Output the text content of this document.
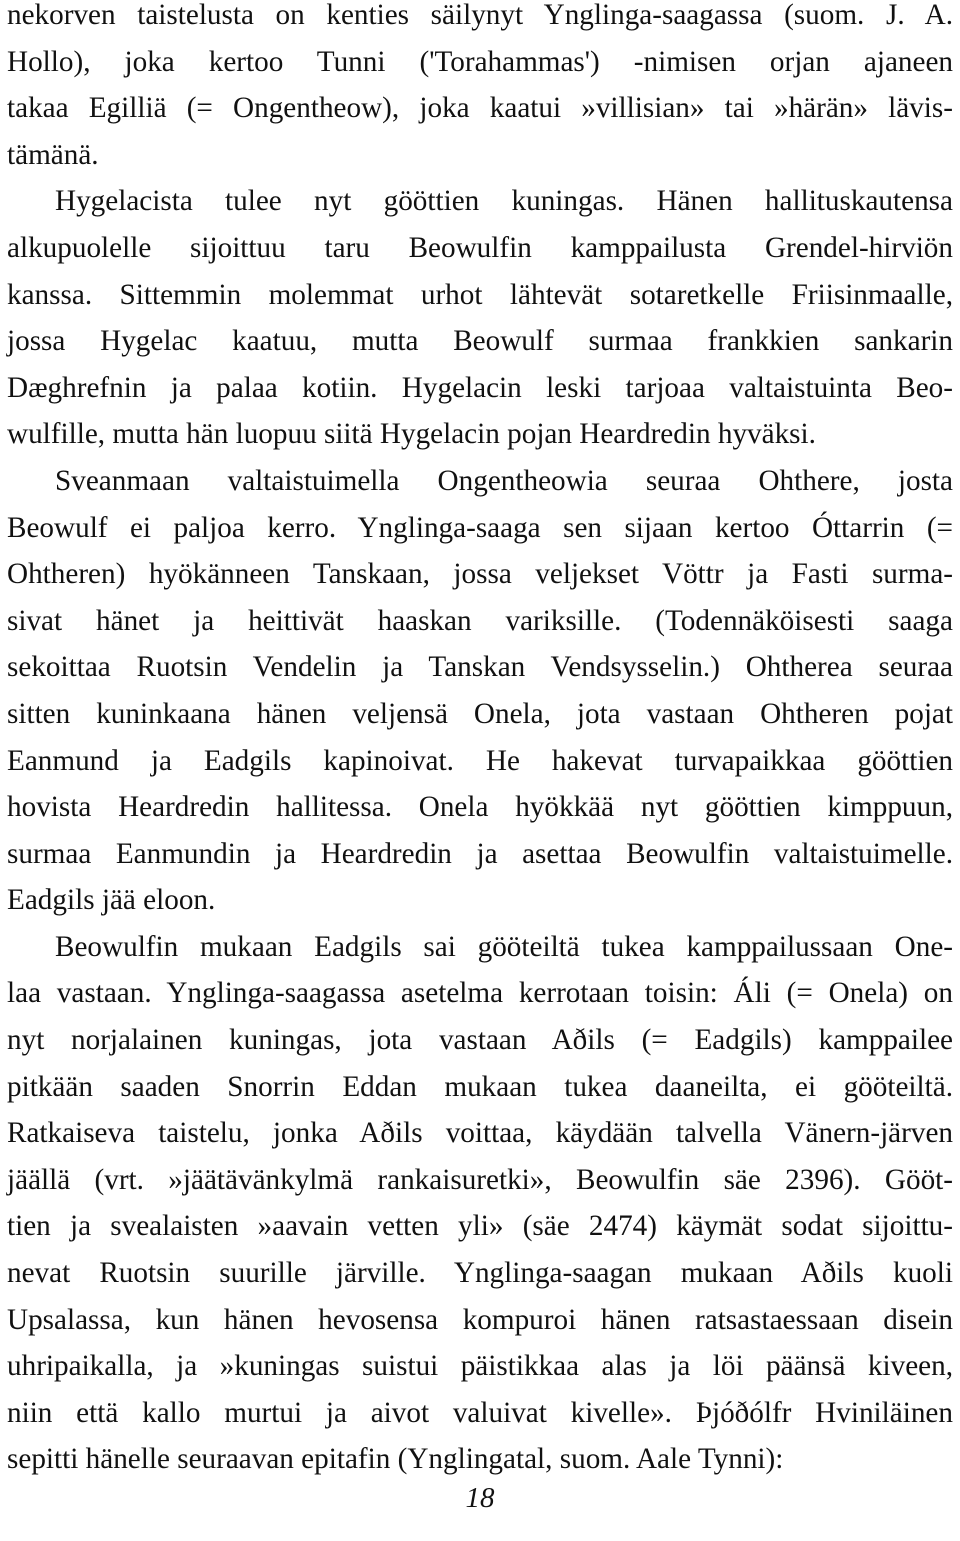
nekorven taistelusta on kenties säilynyt Ynglinga-saagassa (suom. J. A.
Hollo), joka kertoo Tunni ('Torahammas') -nimisen orjan ajaneen
takaa Egilliä (= Ongentheow), joka kaatui »villisian» tai »härän» lävis-
tämänä.
Hygelacista tulee nyt gööttien kuningas. Hänen hallituskautensa
alkupuolelle sijoittuu taru Beowulfin kamppailusta Grendel-hirviön
kanssa. Sittemmin molemmat urhot lähtevät sotaretkelle Friisinmaalle,
jossa Hygelac kaatuu, mutta Beowulf surmaa frankkien sankarin
Dæghrefnin ja palaa kotiin. Hygelacin leski tarjoaa valtaistuinta Beo-
wulfille, mutta hän luopuu siitä Hygelacin pojan Heardredin hyväksi.
Sveanmaan valtaistuimella Ongentheowia seuraa Ohthere, josta
Beowulf ei paljoa kerro. Ynglinga-saaga sen sijaan kertoo Óttarrin (=
Ohtheren) hyökänneen Tanskaan, jossa veljekset Vöttr ja Fasti surma-
sivat hänet ja heittivät haaskan variksille. (Todennäköisesti saaga
sekoittaa Ruotsin Vendelin ja Tanskan Vendsysselin.) Ohtherea seuraa
sitten kuninkaana hänen veljensä Onela, jota vastaan Ohtheren pojat
Eanmund ja Eadgils kapinoivat. He hakevat turvapaikkaa gööttien
hovista Heardredin hallitessa. Onela hyökkää nyt gööttien kimppuun,
surmaa Eanmundin ja Heardredin ja asettaa Beowulfin valtaistuimelle.
Eadgils jää eloon.
Beowulfin mukaan Eadgils sai gööteiltä tukea kamppailussaan One-
laa vastaan. Ynglinga-saagassa asetelma kerrotaan toisin: Áli (= Onela) on
nyt norjalainen kuningas, jota vastaan Aðils (= Eadgils) kamppailee
pitkään saaden Snorrin Eddan mukaan tukea daaneilta, ei gööteiltä.
Ratkaiseva taistelu, jonka Aðils voittaa, käydään talvella Vänern-järven
jäällä (vrt. »jäätävänkylmä rankaisuretki», Beowulfin säe 2396). Gööt-
tien ja svealaisten »aavain vetten yli» (säe 2474) käymät sodat sijoittu-
nevat Ruotsin suurille järville. Ynglinga-saagan mukaan Aðils kuoli
Upsalassa, kun hänen hevosensa kompuroi hänen ratsastaessaan disein
uhripaikalla, ja »kuningas suistui päistikkaa alas ja löi päänsä kiveen,
niin että kallo murtui ja aivot valuivat kivelle». Þjóðólfr Hviniläinen
sepitti hänelle seuraavan epitafin (Ynglingatal, suom. Aale Tynni):
18
